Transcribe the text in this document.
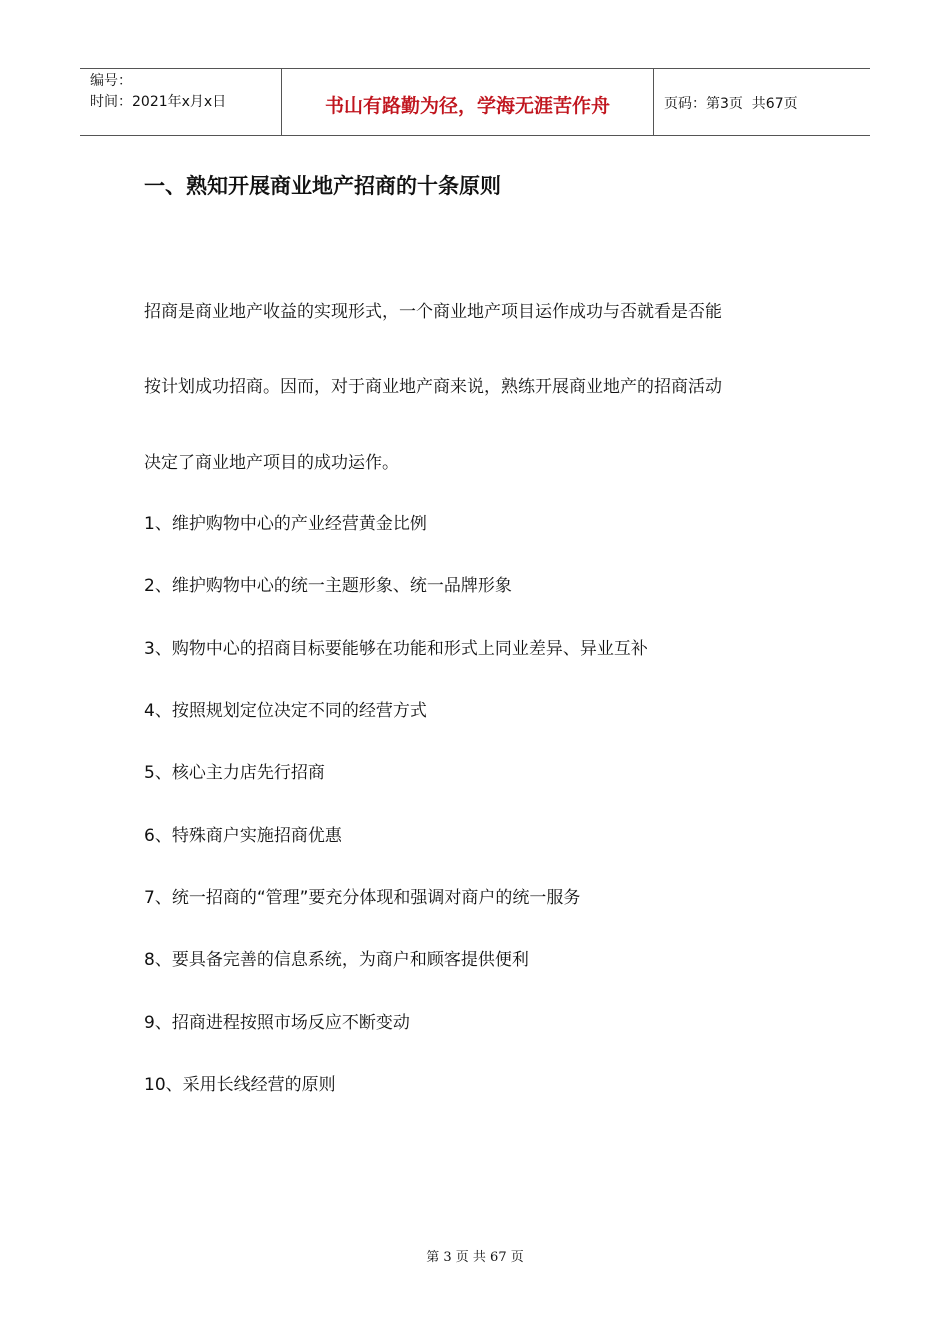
编号：
时间：2021年x月x日	书山有路勤为径，学海无涯苦作舟	页码：第3页  共67页
一、熟知开展商业地产招商的十条原则
招商是商业地产收益的实现形式，一个商业地产项目运作成功与否就看是否能
按计划成功招商。因而，对于商业地产商来说，熟练开展商业地产的招商活动
决定了商业地产项目的成功运作。
1、维护购物中心的产业经营黄金比例
2、维护购物中心的统一主题形象、统一品牌形象
3、购物中心的招商目标要能够在功能和形式上同业差异、异业互补
4、按照规划定位决定不同的经营方式
5、核心主力店先行招商
6、特殊商户实施招商优惠
7、统一招商的“管理”要充分体现和强调对商户的统一服务
8、要具备完善的信息系统，为商户和顾客提供便利
9、招商进程按照市场反应不断变动
10、采用长线经营的原则
第 3 页 共 67 页
